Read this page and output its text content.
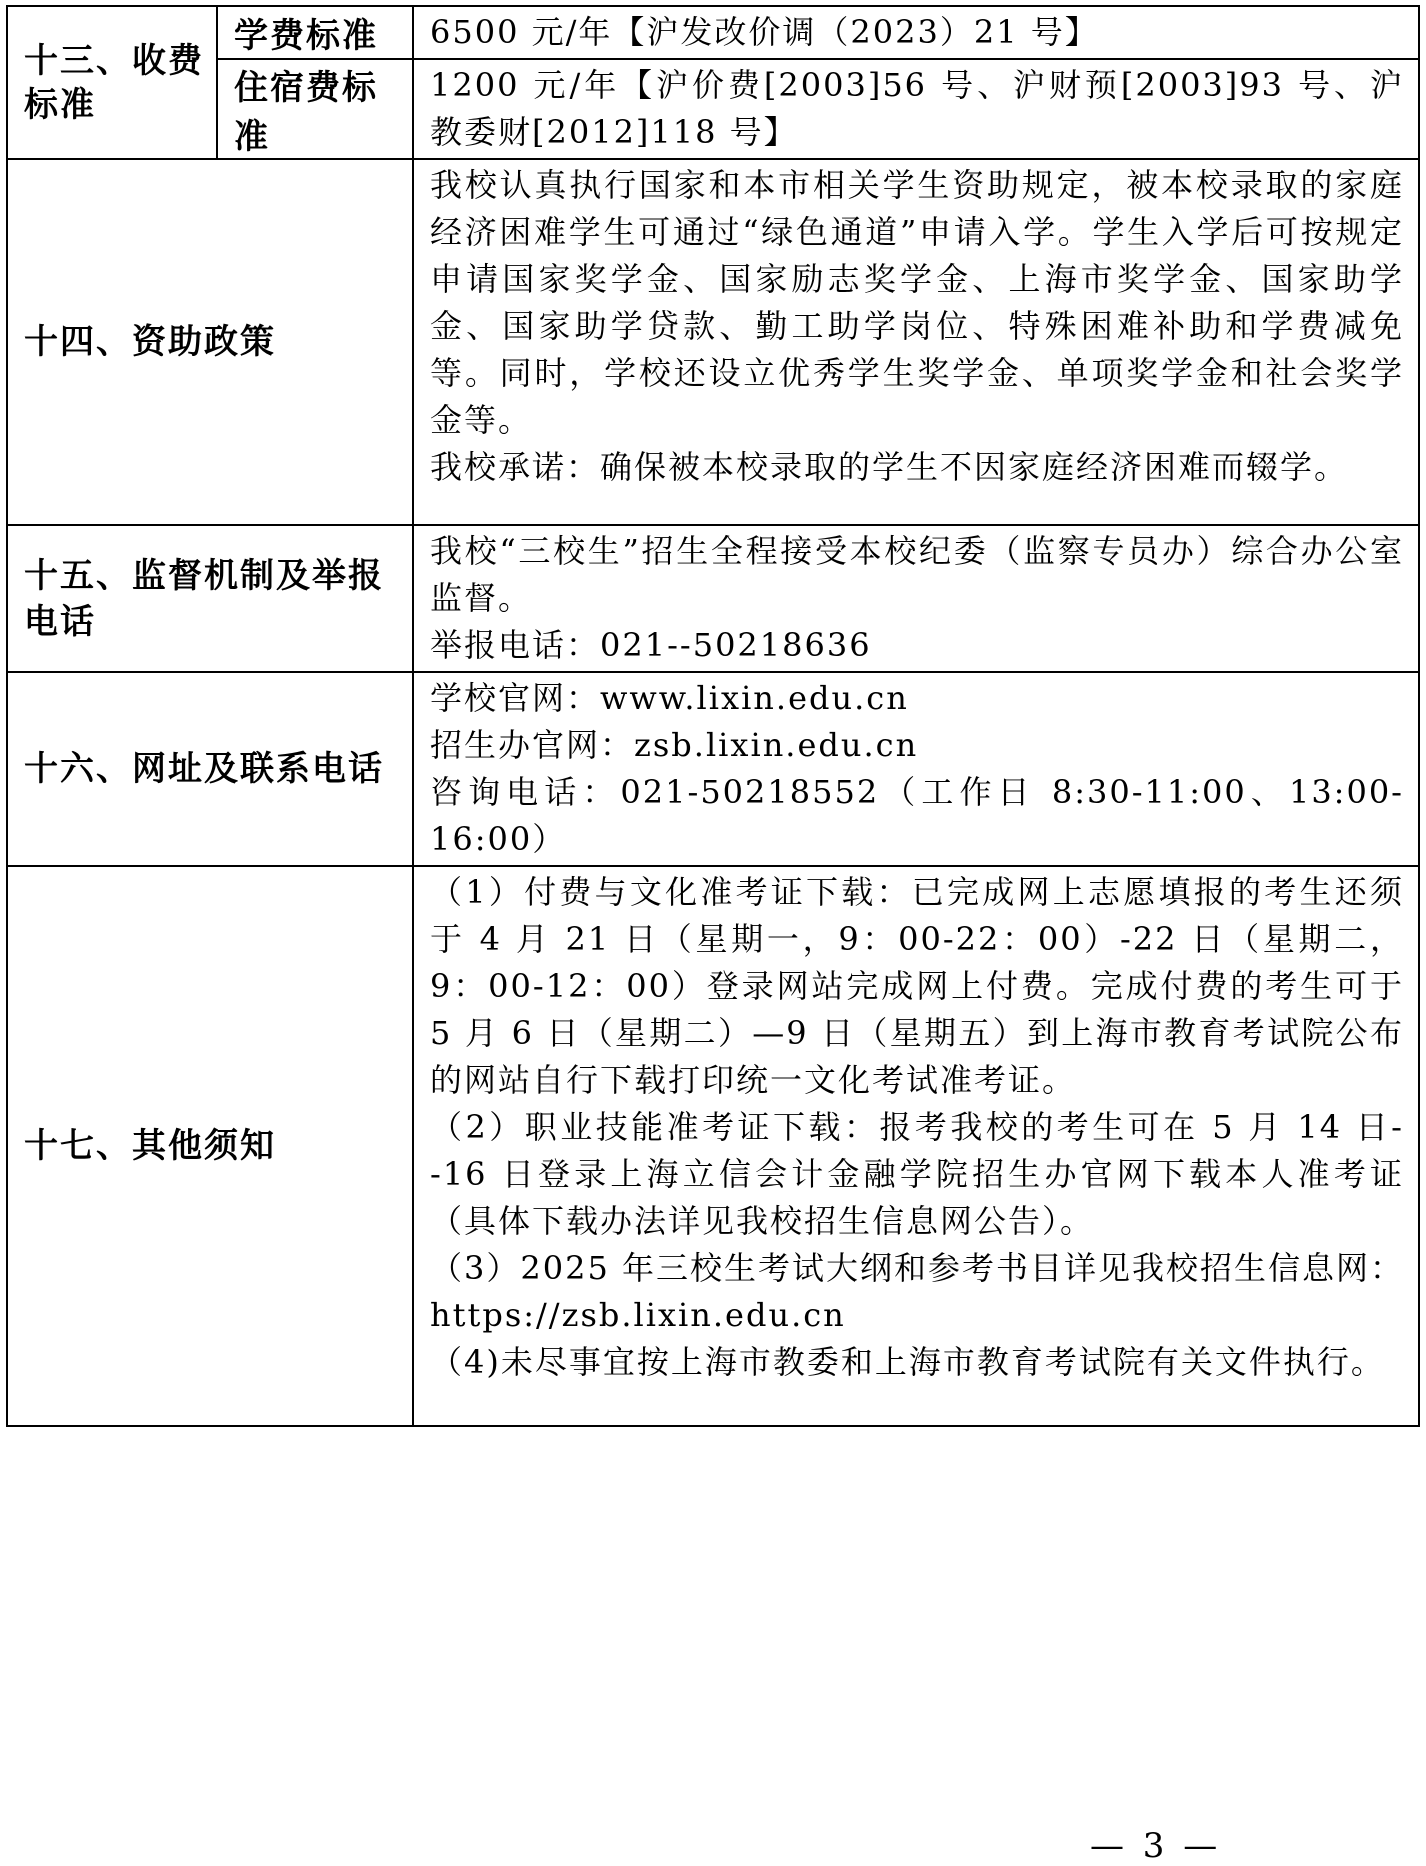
十三、收费标准	学费标准	6500 元/年【沪发改价调（2023）21 号】

	住宿费标准	1200 元/年【沪价费[2003]56 号、沪财预[2003]93 号、沪教委财[2012]118 号】

十四、资助政策		我校认真执行国家和本市相关学生资助规定，被本校录取的家庭经济困难学生可通过“绿色通道”申请入学。学生入学后可按规定申请国家奖学金、国家励志奖学金、上海市奖学金、国家助学金、国家助学贷款、勤工助学岗位、特殊困难补助和学费减免等。同时，学校还设立优秀学生奖学金、单项奖学金和社会奖学金等。

我校承诺：确保被本校录取的学生不因家庭经济困难而辍学。

十五、监督机制及举报电话		我校“三校生”招生全程接受本校纪委（监察专员办）综合办公室监督。

举报电话：021--50218636

十六、网址及联系电话		学校官网：www.lixin.edu.cn

招生办官网：zsb.lixin.edu.cn

咨询电话：021-50218552（工作日 8:30-11:00、13:00-16:00）

十七、其他须知		（1）付费与文化准考证下载：已完成网上志愿填报的考生还须于 4 月 21 日（星期一，9：00-22：00）-22 日（星期二，9：00-12：00）登录网站完成网上付费。完成付费的考生可于 5 月 6 日（星期二）—9 日（星期五）到上海市教育考试院公布的网站自行下载打印统一文化考试准考证。

（2）职业技能准考证下载：报考我校的考生可在 5 月 14 日--16 日登录上海立信会计金融学院招生办官网下载本人准考证（具体下载办法详见我校招生信息网公告）。

（3）2025 年三校生考试大纲和参考书目详见我校招生信息网：https://zsb.lixin.edu.cn

（4)未尽事宜按上海市教委和上海市教育考试院有关文件执行。

— 3 —
